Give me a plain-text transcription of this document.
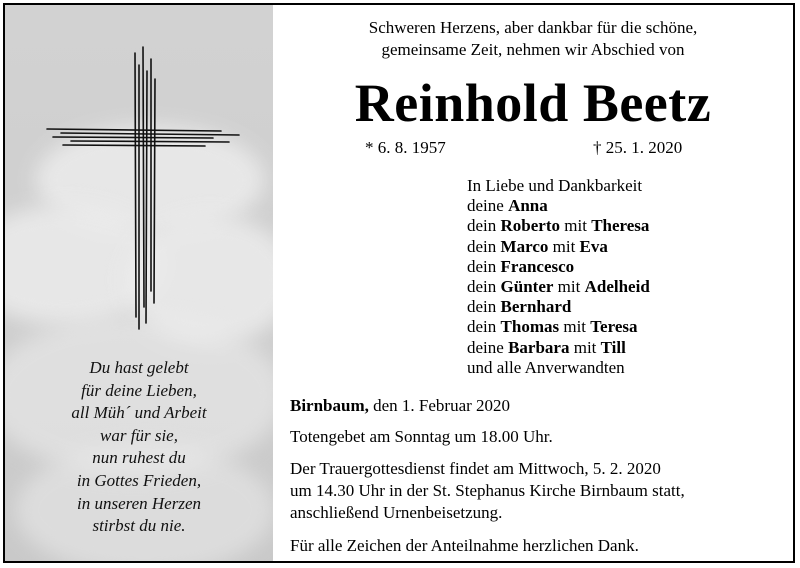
Du hast gelebt
für deine Lieben,
all Müh´ und Arbeit
war für sie,
nun ruhest du
in Gottes Frieden,
in unseren Herzen
stirbst du nie.
Schweren Herzens, aber dankbar für die schöne,
gemeinsame Zeit, nehmen wir Abschied von
Reinhold Beetz
* 6. 8. 1957	† 25. 1. 2020
In Liebe und Dankbarkeit
deine Anna
dein Roberto mit Theresa
dein Marco mit Eva
dein Francesco
dein Günter mit Adelheid
dein Bernhard
dein Thomas mit Teresa
deine Barbara mit Till
und alle Anverwandten
Birnbaum, den 1. Februar 2020
Totengebet am Sonntag um 18.00 Uhr.
Der Trauergottesdienst findet am Mittwoch, 5. 2. 2020
um 14.30 Uhr in der St. Stephanus Kirche Birnbaum statt,
anschließend Urnenbeisetzung.
Für alle Zeichen der Anteilnahme herzlichen Dank.
